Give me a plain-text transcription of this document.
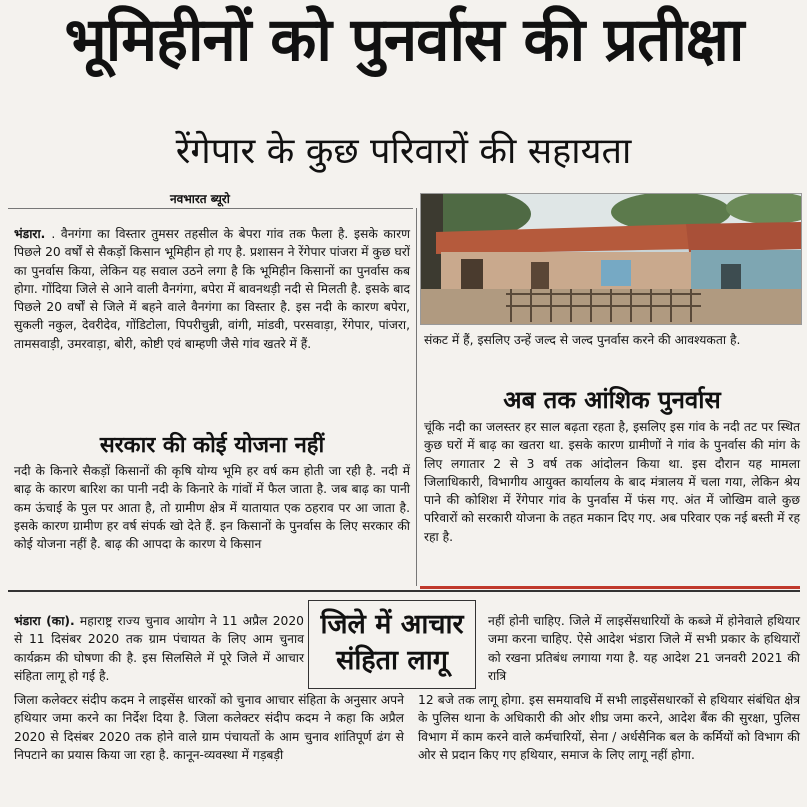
भूमिहीनों को पुनर्वास की प्रतीक्षा
रेंगेपार के कुछ परिवारों की सहायता
नवभारत ब्यूरो

भंडारा. . वैनगंगा का विस्तार तुमसर तहसील के बेपरा गांव तक फैला है. इसके कारण पिछले 20 वर्षों से सैकड़ों किसान भूमिहीन हो गए है. प्रशासन ने रेंगेपार पांजरा में कुछ घरों का पुनर्वास किया, लेकिन यह सवाल उठने लगा है कि भूमिहीन किसानों का पुनर्वास कब होगा. गोंदिया जिले से आने वाली वैनगंगा, बपेरा में बावनथड़ी नदी से मिलती है. इसके बाद पिछले 20 वर्षों से जिले में बहने वाले वैनगंगा का विस्तार है. इस नदी के कारण बपेरा, सुकली नकुल, देवरीदेव, गोंडिटोला, पिपरीचुन्नी, वांगी, मांडवी, परसवाड़ा, रेंगेपार, पांजरा, तामसवाड़ी, उमरवाड़ा, बोरी, कोष्टी एवं बाम्हणी जैसे गांव खतरे में हैं.

सरकार की कोई योजना नहीं

नदी के किनारे सैकड़ों किसानों की कृषि योग्य भूमि हर वर्ष कम होती जा रही है. नदी में बाढ़ के कारण बारिश का पानी नदी के किनारे के गांवों में फैल जाता है. जब बाढ़ का पानी कम ऊंचाई के पुल पर आता है, तो ग्रामीण क्षेत्र में यातायात एक ठहराव पर आ जाता है. इसके कारण ग्रामीण हर वर्ष संपर्क खो देते हैं. इन किसानों के पुनर्वास के लिए सरकार की कोई योजना नहीं है. बाढ़ की आपदा के कारण ये किसान

संकट में हैं, इसलिए उन्हें जल्द से जल्द पुनर्वास करने की आवश्यकता है.

अब तक आंशिक पुनर्वास

चूंकि नदी का जलस्तर हर साल बढ़ता रहता है, इसलिए इस गांव के नदी तट पर स्थित कुछ घरों में बाढ़ का खतरा था. इसके कारण ग्रामीणों ने गांव के पुनर्वास की मांग के लिए लगातार 2 से 3 वर्ष तक आंदोलन किया था. इस दौरान यह मामला जिलाधिकारी, विभागीय आयुक्त कार्यालय के बाद मंत्रालय में चला गया, लेकिन श्रेय पाने की कोशिश में रेंगेपार गांव के पुनर्वास में फंस गए. अंत में जोखिम वाले कुछ परिवारों को सरकारी योजना के तहत मकान दिए गए. अब परिवार एक नई बस्ती में रह रहा है.

जिले में आचार
संहिता लागू

भंडारा (का). महाराष्ट्र राज्य चुनाव आयोग ने 11 अप्रैल 2020 से 11 दिसंबर 2020 तक ग्राम पंचायत के लिए आम चुनाव कार्यक्रम की घोषणा की है. इस सिलसिले में पूरे जिले में आचार संहिता लागू हो गई है.

जिला कलेक्टर संदीप कदम ने लाइसेंस धारकों को चुनाव आचार संहिता के अनुसार अपने हथियार जमा करने का निर्देश दिया है. जिला कलेक्टर संदीप कदम ने कहा कि अप्रैल 2020 से दिसंबर 2020 तक होने वाले ग्राम पंचायतों के आम चुनाव शांतिपूर्ण ढंग से निपटाने का प्रयास किया जा रहा है. कानून-व्यवस्था में गड़बड़ी

नहीं होनी चाहिए. जिले में लाइसेंसधारियों के कब्जे में होनेवाले हथियार जमा करना चाहिए. ऐसे आदेश भंडारा जिले में सभी प्रकार के हथियारों को रखना प्रतिबंध लगाया गया है. यह आदेश 21 जनवरी 2021 की रात्रि

12 बजे तक लागू होगा. इस समयावधि में सभी लाइसेंसधारकों से हथियार संबंधित क्षेत्र के पुलिस थाना के अधिकारी की ओर शीघ्र जमा करने, आदेश बैंक की सुरक्षा, पुलिस विभाग में काम करने वाले कर्मचारियों, सेना / अर्धसैनिक बल के कर्मियों को विभाग की ओर से प्रदान किए गए हथियार, समाज के लिए लागू नहीं होगा.
